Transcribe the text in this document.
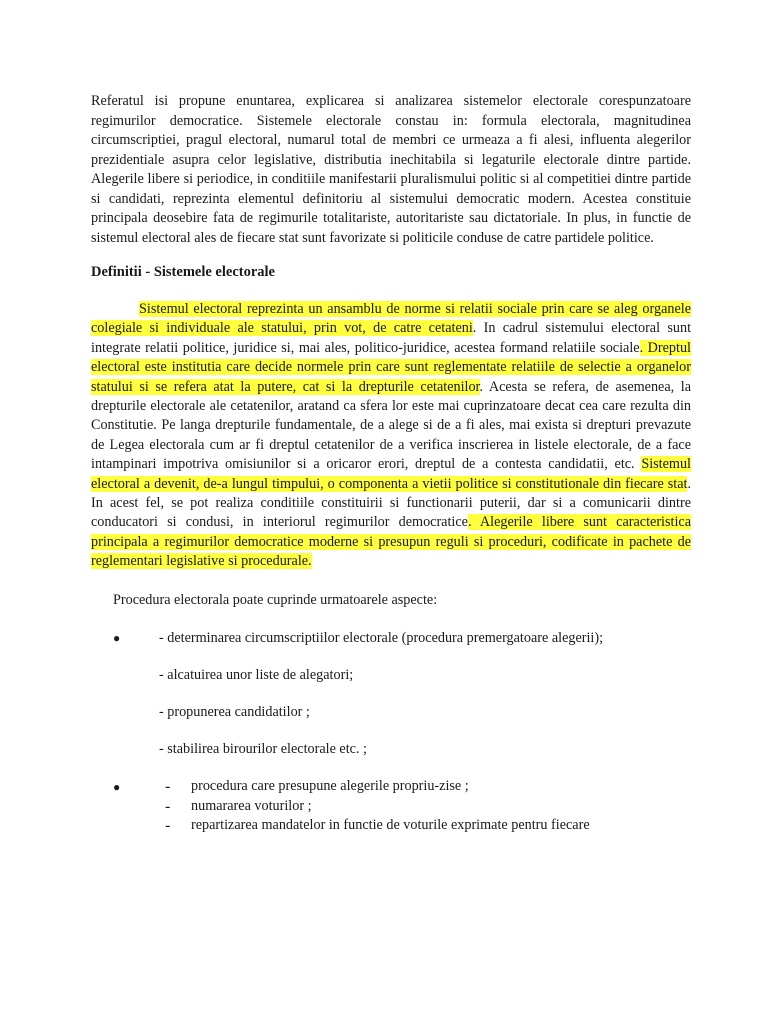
Referatul isi propune enuntarea, explicarea si analizarea sistemelor electorale corespunzatoare regimurilor democratice. Sistemele electorale constau in: formula electorala, magnitudinea circumscriptiei, pragul electoral, numarul total de membri ce urmeaza a fi alesi, influenta alegerilor prezidentiale asupra celor legislative, distributia inechitabila si legaturile electorale dintre partide. Alegerile libere si periodice, in conditiile manifestarii pluralismului politic si al competitiei dintre partide si candidati, reprezinta elementul definitoriu al sistemului democratic modern. Acestea constituie principala deosebire fata de regimurile totalitariste, autoritariste sau dictatoriale. In plus, in functie de sistemul electoral ales de fiecare stat sunt favorizate si politicile conduse de catre partidele politice.

Definitii - Sistemele electorale

Sistemul electoral reprezinta un ansamblu de norme si relatii sociale prin care se aleg organele colegiale si individuale ale statului, prin vot, de catre cetateni. In cadrul sistemului electoral sunt integrate relatii politice, juridice si, mai ales, politico-juridice, acestea formand relatiile sociale. Dreptul electoral este institutia care decide normele prin care sunt reglementate relatiile de selectie a organelor statului si se refera atat la putere, cat si la drepturile cetatenilor. Acesta se refera, de asemenea, la drepturile electorale ale cetatenilor, aratand ca sfera lor este mai cuprinzatoare decat cea care rezulta din Constitutie. Pe langa drepturile fundamentale, de a alege si de a fi ales, mai exista si drepturi prevazute de Legea electorala cum ar fi dreptul cetatenilor de a verifica inscrierea in listele electorale, de a face intampinari impotriva omisiunilor si a oricaror erori, dreptul de a contesta candidatii, etc. Sistemul electoral a devenit, de-a lungul timpului, o componenta a vietii politice si constitutionale din fiecare stat. In acest fel, se pot realiza conditiile constituirii si functionarii puterii, dar si a comunicarii dintre conducatori si condusi, in interiorul regimurilor democratice. Alegerile libere sunt caracteristica principala a regimurilor democratice moderne si presupun reguli si proceduri, codificate in pachete de reglementari legislative si procedurale.

Procedura electorala poate cuprinde urmatoarele aspecte:

●	- determinarea circumscriptiilor electorale (procedura premergatoare alegerii);

- alcatuirea unor liste de alegatori;

- propunerea candidatilor ;

- stabilirea birourilor electorale etc. ;

●	-	procedura care presupune alegerile propriu-zise ;

-	numararea voturilor ;

-	repartizarea mandatelor in functie de voturile exprimate pentru fiecare
